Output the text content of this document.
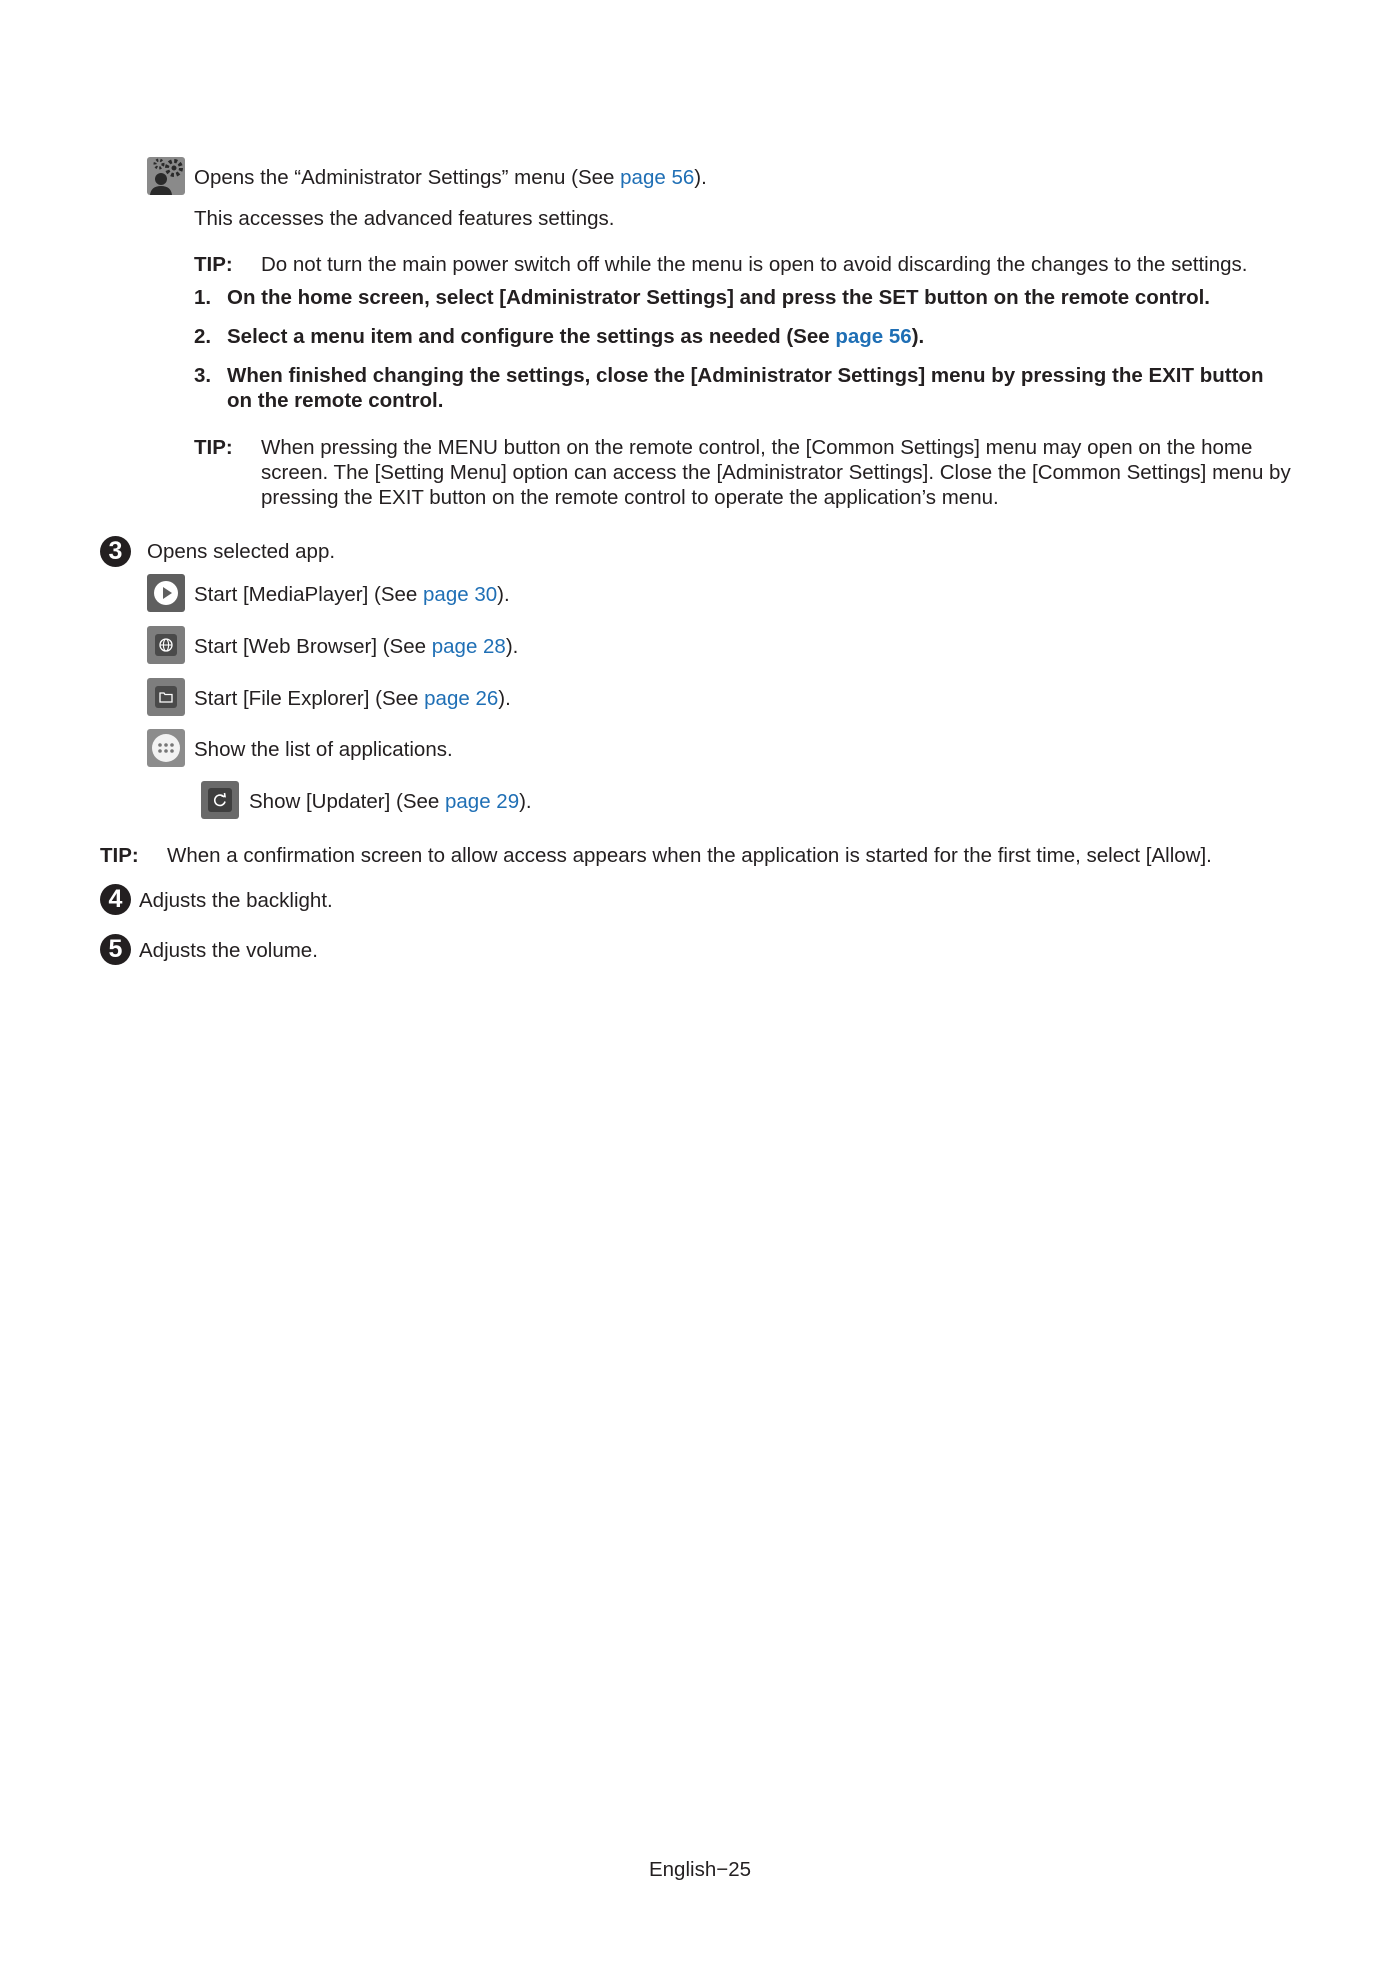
Opens the “Administrator Settings” menu (See page 56).
This accesses the advanced features settings.
TIP: Do not turn the main power switch off while the menu is open to avoid discarding the changes to the settings.
1. On the home screen, select [Administrator Settings] and press the SET button on the remote control.
2. Select a menu item and configure the settings as needed (See page 56).
3. When finished changing the settings, close the [Administrator Settings] menu by pressing the EXIT button on the remote control.
TIP: When pressing the MENU button on the remote control, the [Common Settings] menu may open on the home screen. The [Setting Menu] option can access the [Administrator Settings]. Close the [Common Settings] menu by pressing the EXIT button on the remote control to operate the application’s menu.
3	Opens selected app.
Start [MediaPlayer] (See page 30).
Start [Web Browser] (See page 28).
Start [File Explorer] (See page 26).
Show the list of applications.
Show [Updater] (See page 29).
TIP: When a confirmation screen to allow access appears when the application is started for the first time, select [Allow].
4 Adjusts the backlight.
5 Adjusts the volume.
English−25
